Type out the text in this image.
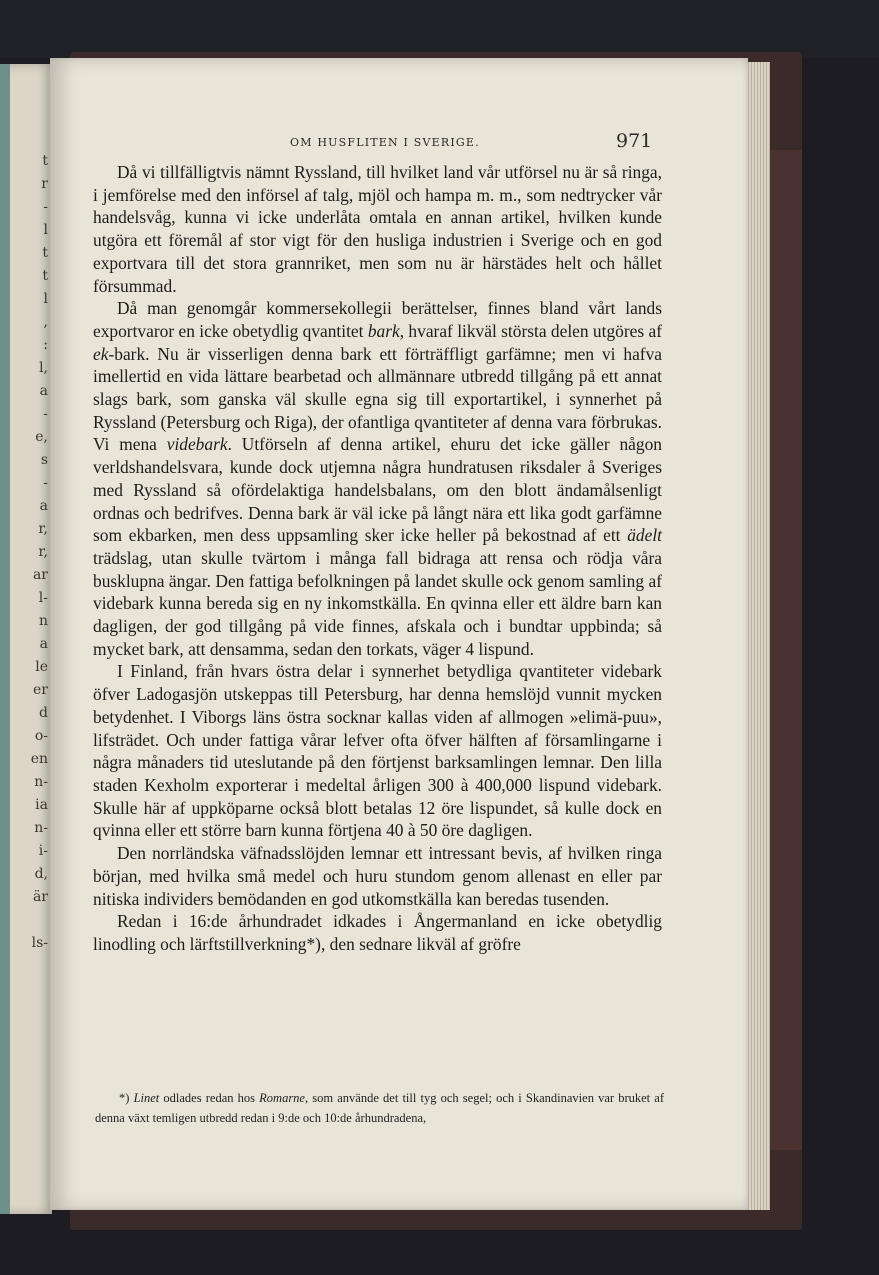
t
r
-
l
t
t
l
,
:
l,
a
-
e,
s
-
a
r,
r,
ar
l-
n
a
le
er
d
o-
en
n-
ia
n-
i-
d,
är

ls-
OM HUSFLITEN I SVERIGE.	971

Då vi tillfälligtvis nämnt Ryssland, till hvilket land vår utförsel nu är så ringa, i jemförelse med den införsel af talg, mjöl och hampa m. m., som nedtrycker vår handelsvåg, kunna vi icke underlåta omtala en annan artikel, hvilken kunde utgöra ett föremål af stor vigt för den husliga industrien i Sverige och en god exportvara till det stora grannriket, men som nu är härstädes helt och hållet försummad.

Då man genomgår kommersekollegii berättelser, finnes bland vårt lands exportvaror en icke obetydlig qvantitet bark, hvaraf likväl största delen utgöres af ek-bark. Nu är visserligen denna bark ett förträffligt garfämne; men vi hafva imellertid en vida lättare bearbetad och allmännare utbredd tillgång på ett annat slags bark, som ganska väl skulle egna sig till exportartikel, i synnerhet på Ryssland (Petersburg och Riga), der ofantliga qvantiteter af denna vara förbrukas. Vi mena videbark. Utförseln af denna artikel, ehuru det icke gäller någon verldshandelsvara, kunde dock utjemna några hundratusen riksdaler å Sveriges med Ryssland så ofördelaktiga handelsbalans, om den blott ändamålsenligt ordnas och bedrifves. Denna bark är väl icke på långt nära ett lika godt garfämne som ekbarken, men dess uppsamling sker icke heller på bekostnad af ett ädelt trädslag, utan skulle tvärtom i många fall bidraga att rensa och rödja våra busklupna ängar. Den fattiga befolkningen på landet skulle ock genom samling af videbark kunna bereda sig en ny inkomstkälla. En qvinna eller ett äldre barn kan dagligen, der god tillgång på vide finnes, afskala och i bundtar uppbinda; så mycket bark, att densamma, sedan den torkats, väger 4 lispund.

I Finland, från hvars östra delar i synnerhet betydliga qvantiteter videbark öfver Ladogasjön utskeppas till Petersburg, har denna hemslöjd vunnit mycken betydenhet. I Viborgs läns östra socknar kallas viden af allmogen »elimä-puu», lifsträdet. Och under fattiga vårar lefver ofta öfver hälften af församlingarne i några månaders tid uteslutande på den förtjenst barksamlingen lemnar. Den lilla staden Kexholm exporterar i medeltal årligen 300 à 400,000 lispund videbark. Skulle här af uppköparne också blott betalas 12 öre lispundet, så kulle dock en qvinna eller ett större barn kunna förtjena 40 à 50 öre dagligen.

Den norrländska väfnadsslöjden lemnar ett intressant bevis, af hvilken ringa början, med hvilka små medel och huru stundom genom allenast en eller par nitiska individers bemödanden en god utkomstkälla kan beredas tusenden.

Redan i 16:de århundradet idkades i Ångermanland en icke obetydlig linodling och lärftstillverkning*), den sednare likväl af gröfre

*) Linet odlades redan hos Romarne, som använde det till tyg och segel; och i Skandinavien var bruket af denna växt temligen utbredd redan i 9:de och 10:de århundradena,
